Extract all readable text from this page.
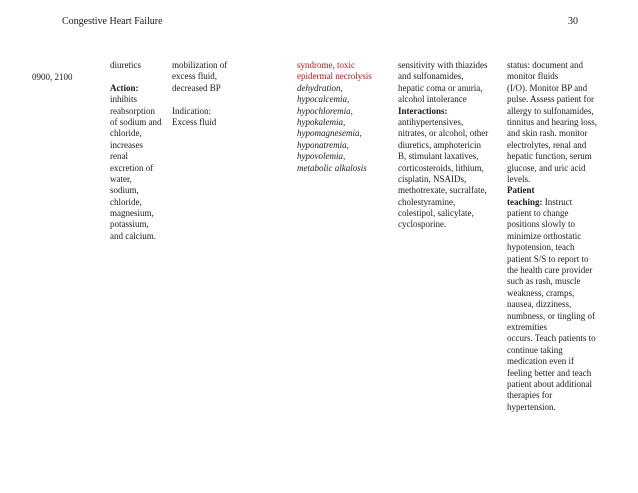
Congestive Heart Failure	30
0900, 2100
diuretics
Action:
inhibits
reabsorption
of sodium and
chloride,
increases
renal
excretion of
water,
sodium,
chloride,
magnesium,
potassium,
and calcium.
mobilization of
excess fluid,
decreased BP
Indication:
Excess fluid
syndrome, toxic
epidermal necrolysis
dehydration,
hypocalcemia,
hypochloremia,
hypokalemia,
hypomagnesemia,
hyponatremia,
hypovolemia,
metabolic alkalosis
sensitivity with thiazides
and sulfonamides,
hepatic coma or anuria,
alcohol intolerance
Interactions:
antihypertensives,
nitrates, or alcohol, other
diuretics, amphotericin
B, stimulant laxatives,
corticosteroids, lithium,
cisplatin, NSAIDs,
methotrexate, sucralfate,
cholestyramine,
colestipol, salicylate,
cyclosporine.
status: document and
monitor fluids
(I/O). Monitor BP and
pulse. Assess patient for
allergy to sulfonamides,
tinnitus and hearing loss,
and skin rash. monitor
electrolytes, renal and
hepatic function, serum
glucose, and uric acid
levels.
Patient
teaching: Instruct
patient to change
positions slowly to
minimize orthostatic
hypotension, teach
patient S/S to report to
the health care provider
such as rash, muscle
weakness, cramps,
nausea, dizziness,
numbness, or tingling of
extremities
occurs. Teach patients to
continue taking
medication even if
feeling better and teach
patient about additional
therapies for
hypertension.
